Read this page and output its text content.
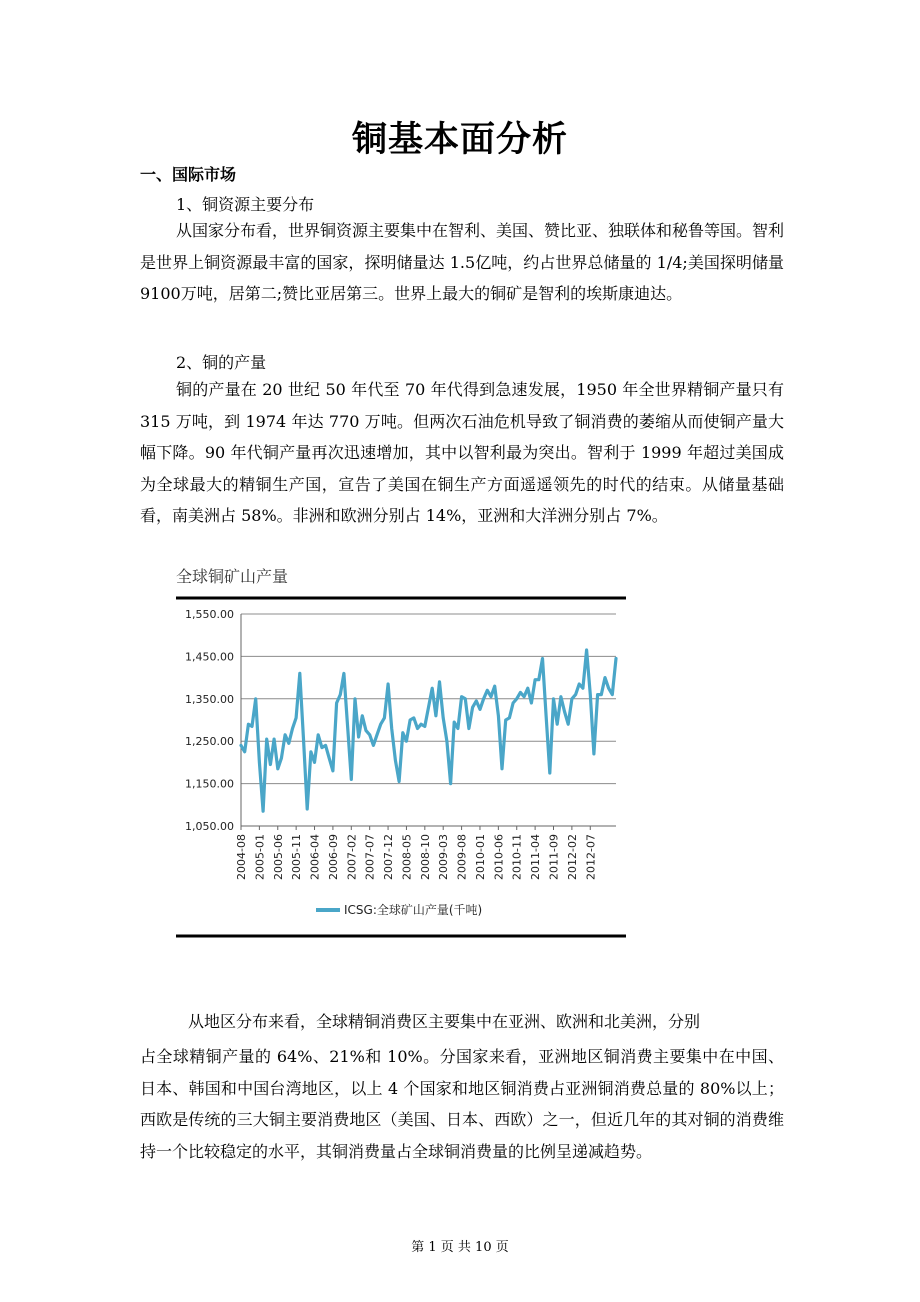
铜基本面分析
一、国际市场
1、铜资源主要分布

从国家分布看，世界铜资源主要集中在智利、美国、赞比亚、独联体和秘鲁等国。智利是世界上铜资源最丰富的国家，探明储量达 1.5亿吨，约占世界总储量的 1/4;美国探明储量 9100万吨，居第二;赞比亚居第三。世界上最大的铜矿是智利的埃斯康迪达。

2、铜的产量

铜的产量在 20 世纪 50 年代至 70 年代得到急速发展，1950 年全世界精铜产量只有 315 万吨，到 1974 年达 770 万吨。但两次石油危机导致了铜消费的萎缩从而使铜产量大幅下降。90 年代铜产量再次迅速增加，其中以智利最为突出。智利于 1999 年超过美国成为全球最大的精铜生产国，宣告了美国在铜生产方面遥遥领先的时代的结束。从储量基础看，南美洲占 58%。非洲和欧洲分别占 14%，亚洲和大洋洲分别占 7%。

全球铜矿山产量
1,050.00
1,150.00
1,250.00
1,350.00
1,450.00
1,550.00
2004-08 2005-01 2005-06 2005-11 2006-04 2006-09 2007-02 2007-07 2007-12 2008-05 2008-10 2009-03 2009-08 2010-01 2010-06 2010-11 2011-04 2011-09 2012-02 2012-07
ICSG:全球矿山产量(千吨)

从地区分布来看，全球精铜消费区主要集中在亚洲、欧洲和北美洲，分别

占全球精铜产量的 64%、21%和 10%。分国家来看，亚洲地区铜消费主要集中在中国、日本、韩国和中国台湾地区，以上 4 个国家和地区铜消费占亚洲铜消费总量的 80%以上；西欧是传统的三大铜主要消费地区（美国、日本、西欧）之一，但近几年的其对铜的消费维持一个比较稳定的水平，其铜消费量占全球铜消费量的比例呈递减趋势。

第 1 页 共 10 页
